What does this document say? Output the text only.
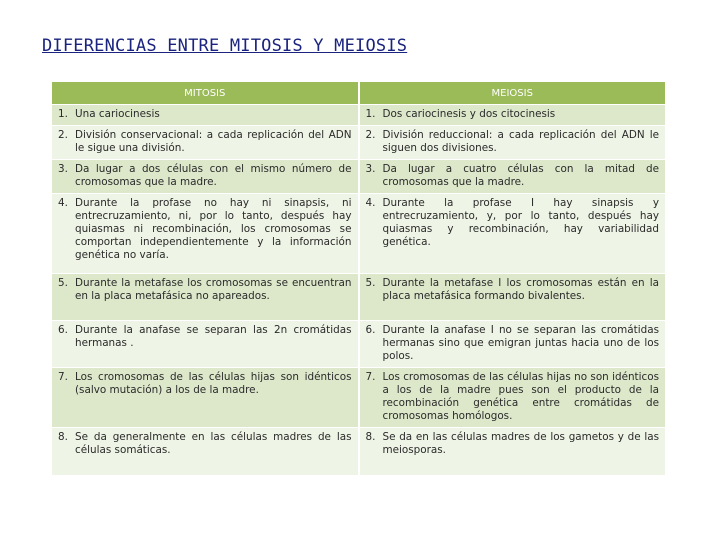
DIFERENCIAS ENTRE MITOSIS Y MEIOSIS
MITOSIS	MEIOSIS

1. Una cariocinesis	1. Dos cariocinesis y dos citocinesis

2. División conservacional: a cada replicación del ADN le sigue una división.	2. División reduccional: a cada replicación del ADN le siguen dos divisiones.

3. Da lugar a dos células con el mismo número de cromosomas que la madre.	3. Da lugar a cuatro células con la mitad de cromosomas que la madre.

4. Durante la profase no hay ni sinapsis, ni entrecruzamiento, ni, por lo tanto, después hay quiasmas ni recombinación, los cromosomas se comportan independientemente y la información genética no varía.	4. Durante la profase I hay sinapsis y entrecruzamiento, y, por lo tanto, después hay quiasmas y recombinación, hay variabilidad genética.

5. Durante la metafase los cromosomas se encuentran en la placa metafásica no apareados.	5. Durante la metafase I los cromosomas están en la placa metafásica formando bivalentes.

6. Durante la anafase se separan las 2n cromátidas hermanas .	6. Durante la anafase I no se separan las cromátidas hermanas sino que emigran juntas hacia uno de los polos.

7. Los cromosomas de las células hijas son idénticos (salvo mutación) a los de la madre.	7. Los cromosomas de las células hijas no son idénticos a los de la madre pues son el producto de la recombinación genética entre cromátidas de cromosomas homólogos.

8. Se da generalmente en las células madres de las células somáticas.	8. Se da en las células madres de los gametos y de las meiosporas.
